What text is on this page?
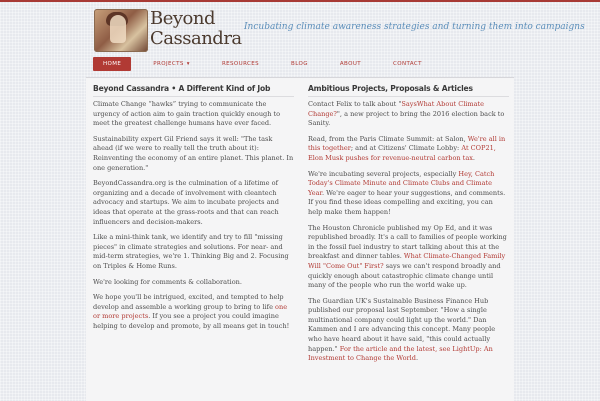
Beyond
Cassandra
Incubating climate awareness strategies and turning them into campaigns
HOME	PROJECTS ▾	RESOURCES	BLOG	ABOUT	CONTACT
Beyond Cassandra • A Different Kind of Job

Climate Change “hawks” trying to communicate the urgency of action aim to gain traction quickly enough to meet the greatest challenge humans have ever faced.

Sustainability expert Gil Friend says it well: "The task ahead (if we were to really tell the truth about it): Reinventing the economy of an entire planet. This planet. In one generation."

BeyondCassandra.org is the culmination of a lifetime of organizing and a decade of involvement with cleantech advocacy and startups. We aim to incubate projects and ideas that operate at the grass-roots and that can reach influencers and decision-makers.

Like a mini-think tank, we identify and try to fill "missing pieces" in climate strategies and solutions. For near- and mid-term strategies, we're 1. Thinking Big and 2. Focusing on Triples & Home Runs.

We're looking for comments & collaboration.

We hope you'll be intrigued, excited, and tempted to help develop and assemble a working group to bring to life one or more projects. If you see a project you could imagine helping to develop and promote, by all means get in touch!

Ambitious Projects, Proposals & Articles

Contact Felix to talk about "SaysWhat About Climate Change?", a new project to bring the 2016 election back to Sanity.

Read, from the Paris Climate Summit: at Salon, We're all in this together; and at Citizens' Climate Lobby: At COP21, Elon Musk pushes for revenue-neutral carbon tax.

We're incubating several projects, especially Hey, Catch Today's Climate Minute and Climate Clubs and Climate Year. We're eager to hear your suggestions, and comments. If you find these ideas compelling and exciting, you can help make them happen!

The Houston Chronicle published my Op Ed, and it was republished broadly. It's a call to families of people working in the fossil fuel industry to start talking about this at the breakfast and dinner tables. What Climate-Changed Family Will "Come Out" First? says we can't respond broadly and quickly enough about catastrophic climate change until many of the people who run the world wake up.

The Guardian UK's Sustainable Business Finance Hub published our proposal last September. "How a single multinational company could light up the world." Dan Kammen and I are advancing this concept. Many people who have heard about it have said, "this could actually happen." For the article and the latest, see LightUp: An Investment to Change the World.
